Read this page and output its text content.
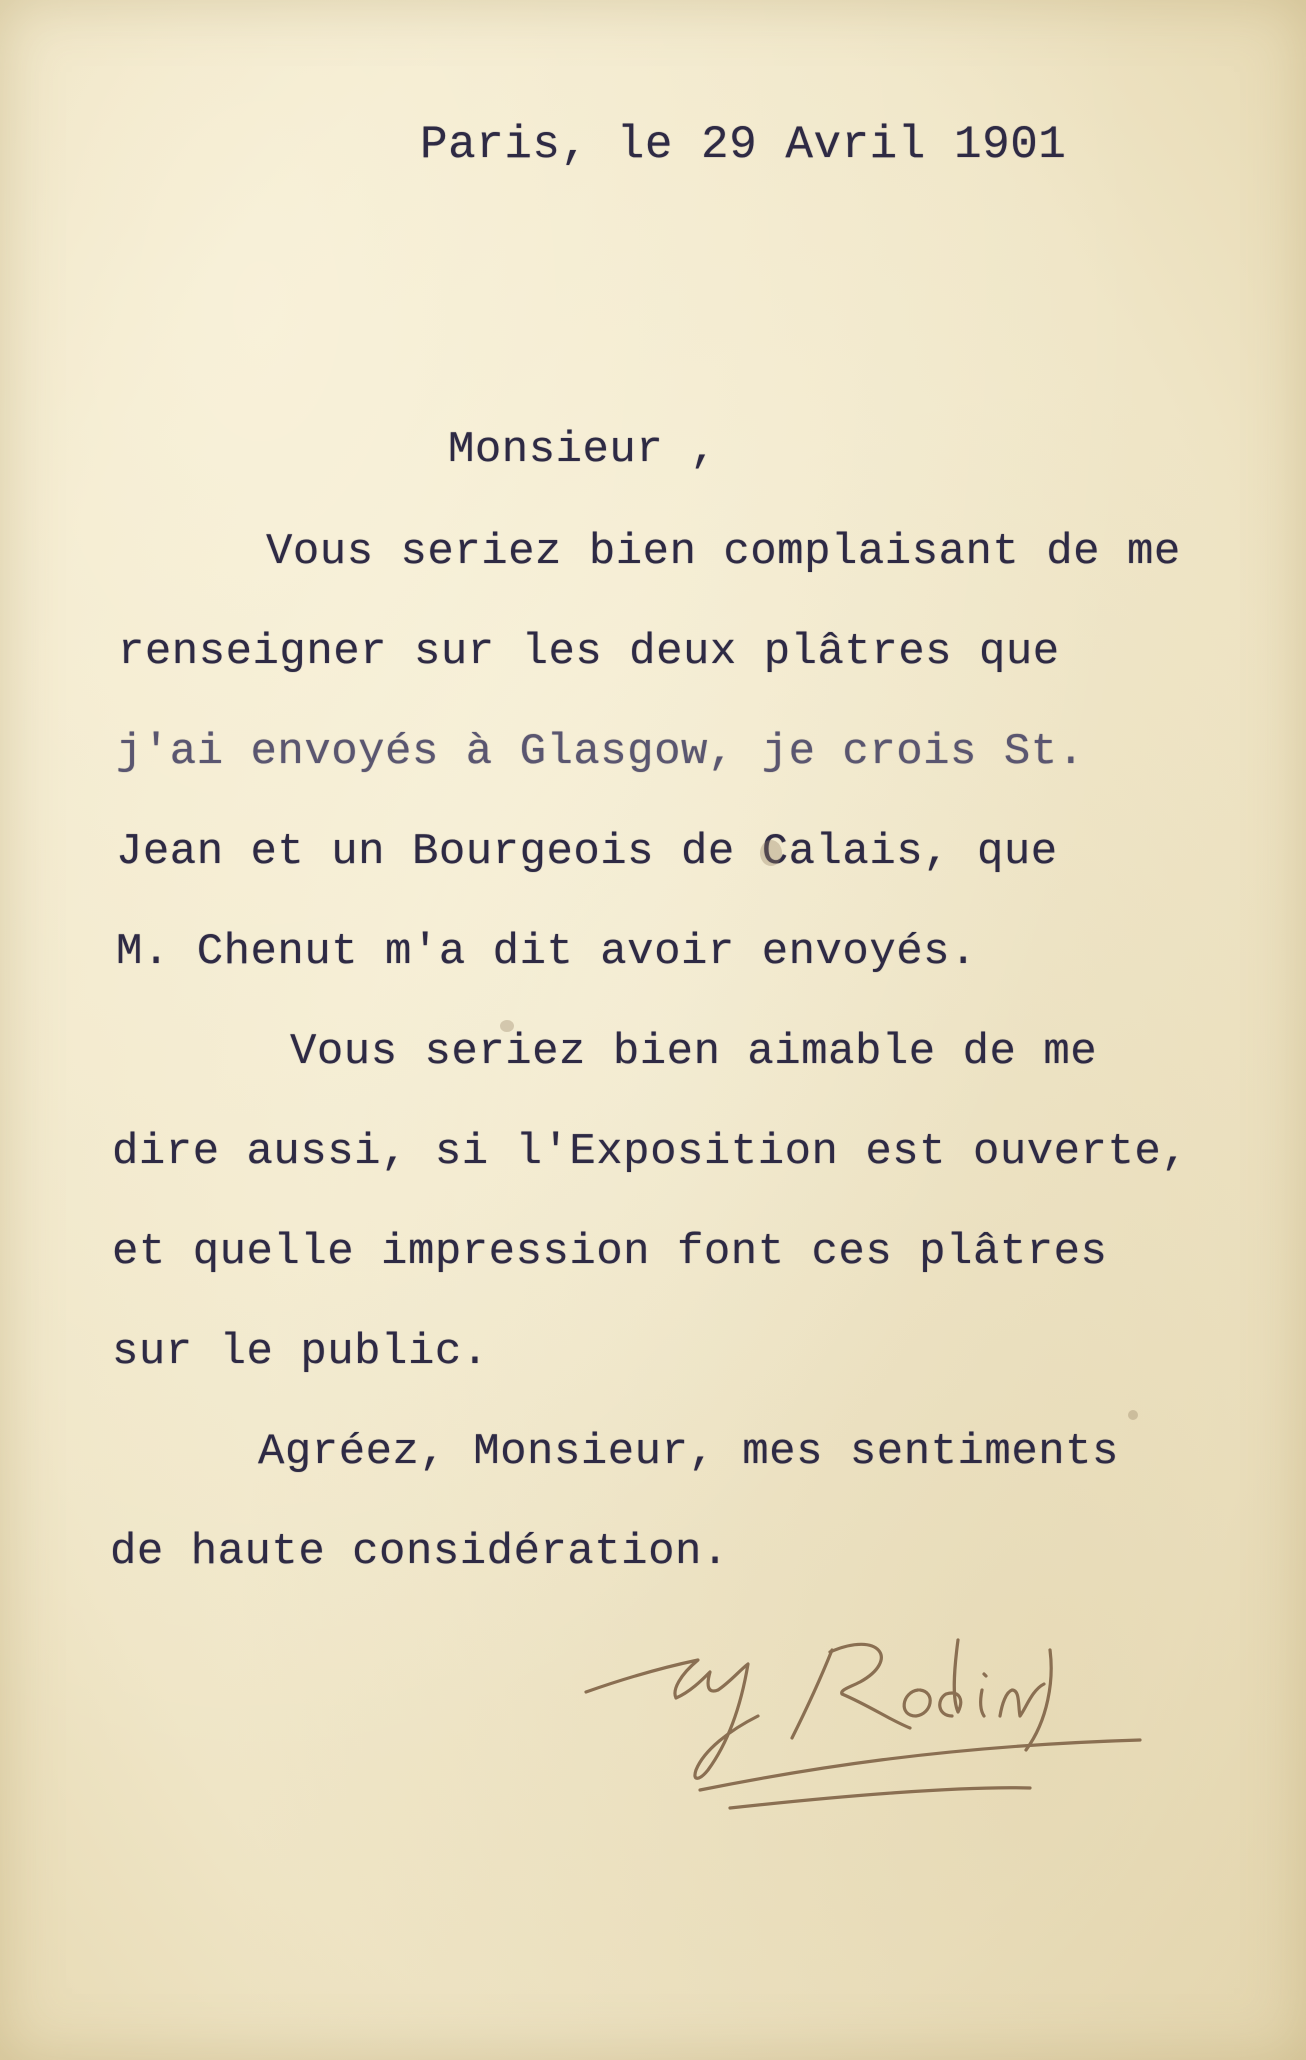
Paris, le 29 Avril 1901
Monsieur ,
Vous seriez bien complaisant de me
renseigner sur les deux plâtres que
j'ai envoyés à Glasgow, je crois St.
Jean et un Bourgeois de Calais, que
M. Chenut m'a dit avoir envoyés.
Vous seriez bien aimable de me
dire aussi, si l'Exposition est ouverte,
et quelle impression font ces plâtres
sur le public.
Agréez, Monsieur, mes sentiments
de haute considération.
